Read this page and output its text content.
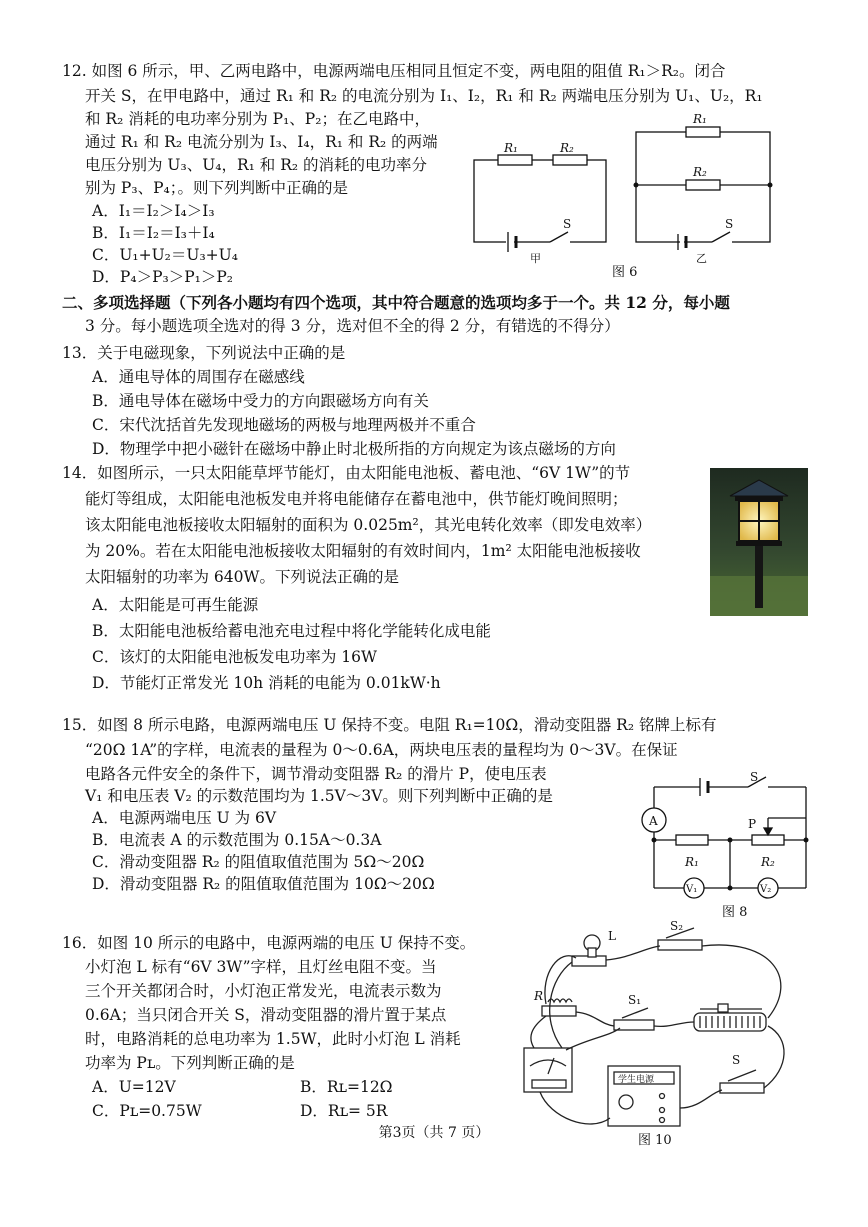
12. 如图 6 所示，甲、乙两电路中，电源两端电压相同且恒定不变，两电阻的阻值 R₁＞R₂。闭合
开关 S，在甲电路中，通过 R₁ 和 R₂ 的电流分别为 I₁、I₂，R₁ 和 R₂ 两端电压分别为 U₁、U₂，R₁
和 R₂ 消耗的电功率分别为 P₁、P₂；在乙电路中，
通过 R₁ 和 R₂ 电流分别为 I₃、I₄，R₁ 和 R₂ 的两端
电压分别为 U₃、U₄，R₁ 和 R₂ 的消耗的电功率分
别为 P₃、P₄；。则下列判断中正确的是
A．I₁＝I₂＞I₄＞I₃
B．I₁＝I₂＝I₃＋I₄
C．U₁+U₂＝U₃+U₄
D．P₄＞P₃＞P₁＞P₂
R₁	R₂
R₁
R₂
S	S
甲	乙
图 6
二、多项选择题（下列各小题均有四个选项，其中符合题意的选项均多于一个。共 12 分，每小题
3 分。每小题选项全选对的得 3 分，选对但不全的得 2 分，有错选的不得分）
13．关于电磁现象，下列说法中正确的是
A．通电导体的周围存在磁感线
B．通电导体在磁场中受力的方向跟磁场方向有关
C．宋代沈括首先发现地磁场的两极与地理两极并不重合
D．物理学中把小磁针在磁场中静止时北极所指的方向规定为该点磁场的方向
14．如图所示，一只太阳能草坪节能灯，由太阳能电池板、蓄电池、“6V 1W”的节
能灯等组成，太阳能电池板发电并将电能储存在蓄电池中，供节能灯晚间照明；
该太阳能电池板接收太阳辐射的面积为 0.025m²，其光电转化效率（即发电效率）
为 20%。若在太阳能电池板接收太阳辐射的有效时间内，1m² 太阳能电池板接收
太阳辐射的功率为 640W。下列说法正确的是
A．太阳能是可再生能源
B．太阳能电池板给蓄电池充电过程中将化学能转化成电能
C．该灯的太阳能电池板发电功率为 16W
D．节能灯正常发光 10h 消耗的电能为 0.01kW·h
15．如图 8 所示电路，电源两端电压 U 保持不变。电阻 R₁=10Ω，滑动变阻器 R₂ 铭牌上标有
“20Ω 1A”的字样，电流表的量程为 0～0.6A，两块电压表的量程均为 0～3V。在保证
电路各元件安全的条件下，调节滑动变阻器 R₂ 的滑片 P，使电压表
V₁ 和电压表 V₂ 的示数范围均为 1.5V～3V。则下列判断中正确的是
A．电源两端电压 U 为 6V
B．电流表 A 的示数范围为 0.15A～0.3A
C．滑动变阻器 R₂ 的阻值取值范围为 5Ω～20Ω
D．滑动变阻器 R₂ 的阻值取值范围为 10Ω～20Ω
A
S
P
R₁	R₂
V₁	V₂
图 8
16．如图 10 所示的电路中，电源两端的电压 U 保持不变。
小灯泡 L 标有“6V 3W”字样，且灯丝电阻不变。当
三个开关都闭合时，小灯泡正常发光，电流表示数为
0.6A；当只闭合开关 S，滑动变阻器的滑片置于某点
时，电路消耗的总电功率为 1.5W，此时小灯泡 L 消耗
功率为 Pʟ。下列判断正确的是
A．U=12V	B．Rʟ=12Ω
C．Pʟ=0.75W	D．Rʟ= 5R
L
S₂
R	S₁
S
学生电源
图 10
第3页（共 7 页）
